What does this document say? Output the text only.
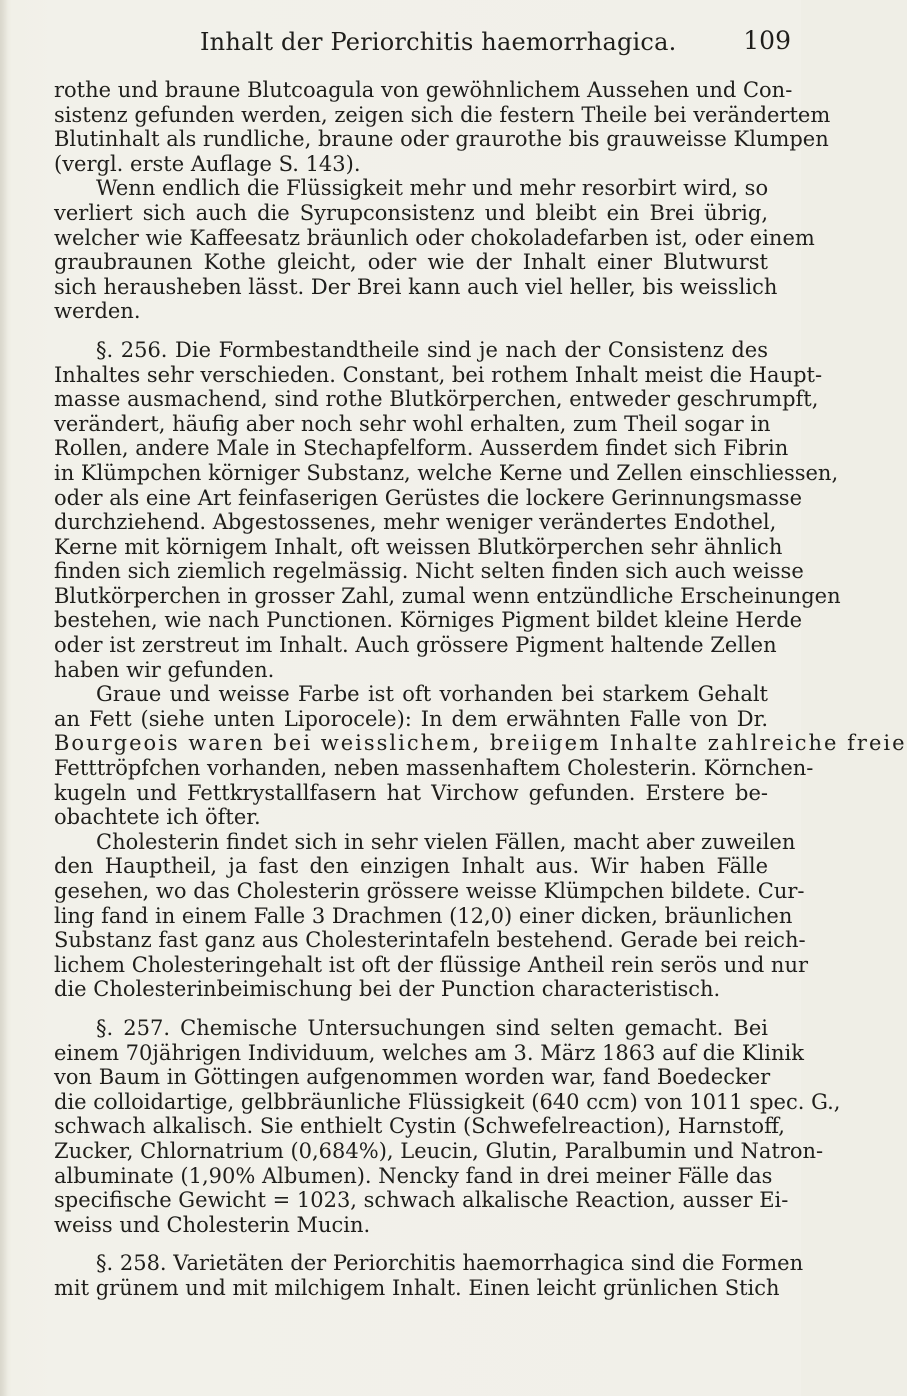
Inhalt der Periorchitis haemorrhagica.	109
rothe und braune Blutcoagula von gewöhnlichem Aussehen und Con-
sistenz gefunden werden, zeigen sich die festern Theile bei verändertem
Blutinhalt als rundliche, braune oder graurothe bis grauweisse Klumpen
(vergl. erste Auflage S. 143).
Wenn endlich die Flüssigkeit mehr und mehr resorbirt wird, so
verliert sich auch die Syrupconsistenz und bleibt ein Brei übrig,
welcher wie Kaffeesatz bräunlich oder chokoladefarben ist, oder einem
graubraunen Kothe gleicht, oder wie der Inhalt einer Blutwurst
sich herausheben lässt. Der Brei kann auch viel heller, bis weisslich
werden.
§. 256. Die Formbestandtheile sind je nach der Consistenz des
Inhaltes sehr verschieden. Constant, bei rothem Inhalt meist die Haupt-
masse ausmachend, sind rothe Blutkörperchen, entweder geschrumpft,
verändert, häufig aber noch sehr wohl erhalten, zum Theil sogar in
Rollen, andere Male in Stechapfelform. Ausserdem findet sich Fibrin
in Klümpchen körniger Substanz, welche Kerne und Zellen einschliessen,
oder als eine Art feinfaserigen Gerüstes die lockere Gerinnungsmasse
durchziehend. Abgestossenes, mehr weniger verändertes Endothel,
Kerne mit körnigem Inhalt, oft weissen Blutkörperchen sehr ähnlich
finden sich ziemlich regelmässig. Nicht selten finden sich auch weisse
Blutkörperchen in grosser Zahl, zumal wenn entzündliche Erscheinungen
bestehen, wie nach Punctionen. Körniges Pigment bildet kleine Herde
oder ist zerstreut im Inhalt. Auch grössere Pigment haltende Zellen
haben wir gefunden.
Graue und weisse Farbe ist oft vorhanden bei starkem Gehalt
an Fett (siehe unten Liporocele): In dem erwähnten Falle von Dr.
Bourgeois waren bei weisslichem, breiigem Inhalte zahlreiche freie
Fetttröpfchen vorhanden, neben massenhaftem Cholesterin. Körnchen-
kugeln und Fettkrystallfasern hat Virchow gefunden. Erstere be-
obachtete ich öfter.
Cholesterin findet sich in sehr vielen Fällen, macht aber zuweilen
den Hauptheil, ja fast den einzigen Inhalt aus. Wir haben Fälle
gesehen, wo das Cholesterin grössere weisse Klümpchen bildete. Cur-
ling fand in einem Falle 3 Drachmen (12,0) einer dicken, bräunlichen
Substanz fast ganz aus Cholesterintafeln bestehend. Gerade bei reich-
lichem Cholesteringehalt ist oft der flüssige Antheil rein serös und nur
die Cholesterinbeimischung bei der Punction characteristisch.
§. 257. Chemische Untersuchungen sind selten gemacht. Bei
einem 70jährigen Individuum, welches am 3. März 1863 auf die Klinik
von Baum in Göttingen aufgenommen worden war, fand Boedecker
die colloidartige, gelbbräunliche Flüssigkeit (640 ccm) von 1011 spec. G.,
schwach alkalisch. Sie enthielt Cystin (Schwefelreaction), Harnstoff,
Zucker, Chlornatrium (0,684%), Leucin, Glutin, Paralbumin und Natron-
albuminate (1,90% Albumen). Nencky fand in drei meiner Fälle das
specifische Gewicht = 1023, schwach alkalische Reaction, ausser Ei-
weiss und Cholesterin Mucin.
§. 258. Varietäten der Periorchitis haemorrhagica sind die Formen
mit grünem und mit milchigem Inhalt. Einen leicht grünlichen Stich
